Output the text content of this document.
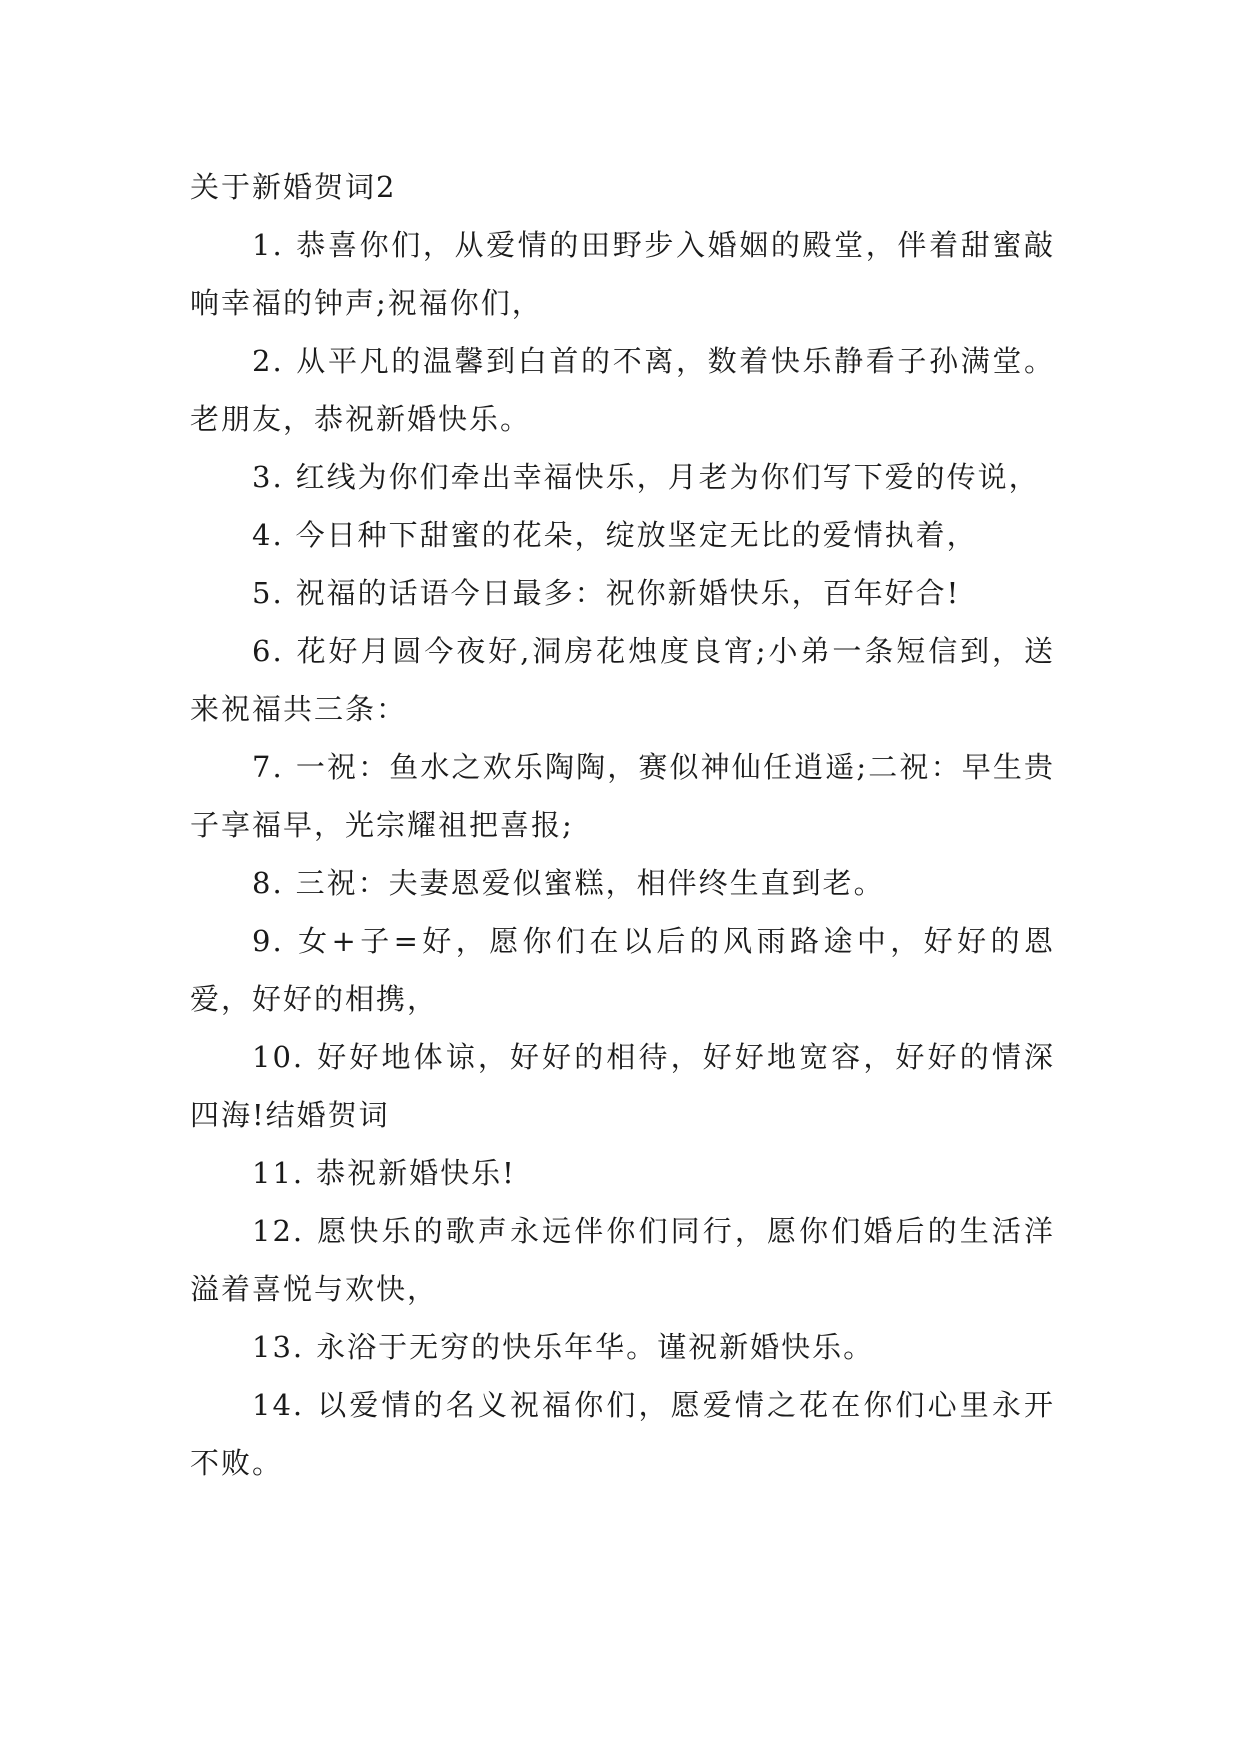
关于新婚贺词2

1. 恭喜你们，从爱情的田野步入婚姻的殿堂，伴着甜蜜敲响幸福的钟声;祝福你们，

2. 从平凡的温馨到白首的不离，数着快乐静看子孙满堂。老朋友，恭祝新婚快乐。

3. 红线为你们牵出幸福快乐，月老为你们写下爱的传说，

4. 今日种下甜蜜的花朵，绽放坚定无比的爱情执着，

5. 祝福的话语今日最多：祝你新婚快乐，百年好合!

6. 花好月圆今夜好,洞房花烛度良宵;小弟一条短信到，送来祝福共三条：

7. 一祝：鱼水之欢乐陶陶，赛似神仙任逍遥;二祝：早生贵子享福早，光宗耀祖把喜报;

8. 三祝：夫妻恩爱似蜜糕，相伴终生直到老。

9. 女+子=好，愿你们在以后的风雨路途中，好好的恩爱，好好的相携，

10. 好好地体谅，好好的相待，好好地宽容，好好的情深四海!结婚贺词

11. 恭祝新婚快乐!

12. 愿快乐的歌声永远伴你们同行，愿你们婚后的生活洋溢着喜悦与欢快，

13. 永浴于无穷的快乐年华。谨祝新婚快乐。

14. 以爱情的名义祝福你们，愿爱情之花在你们心里永开不败。
